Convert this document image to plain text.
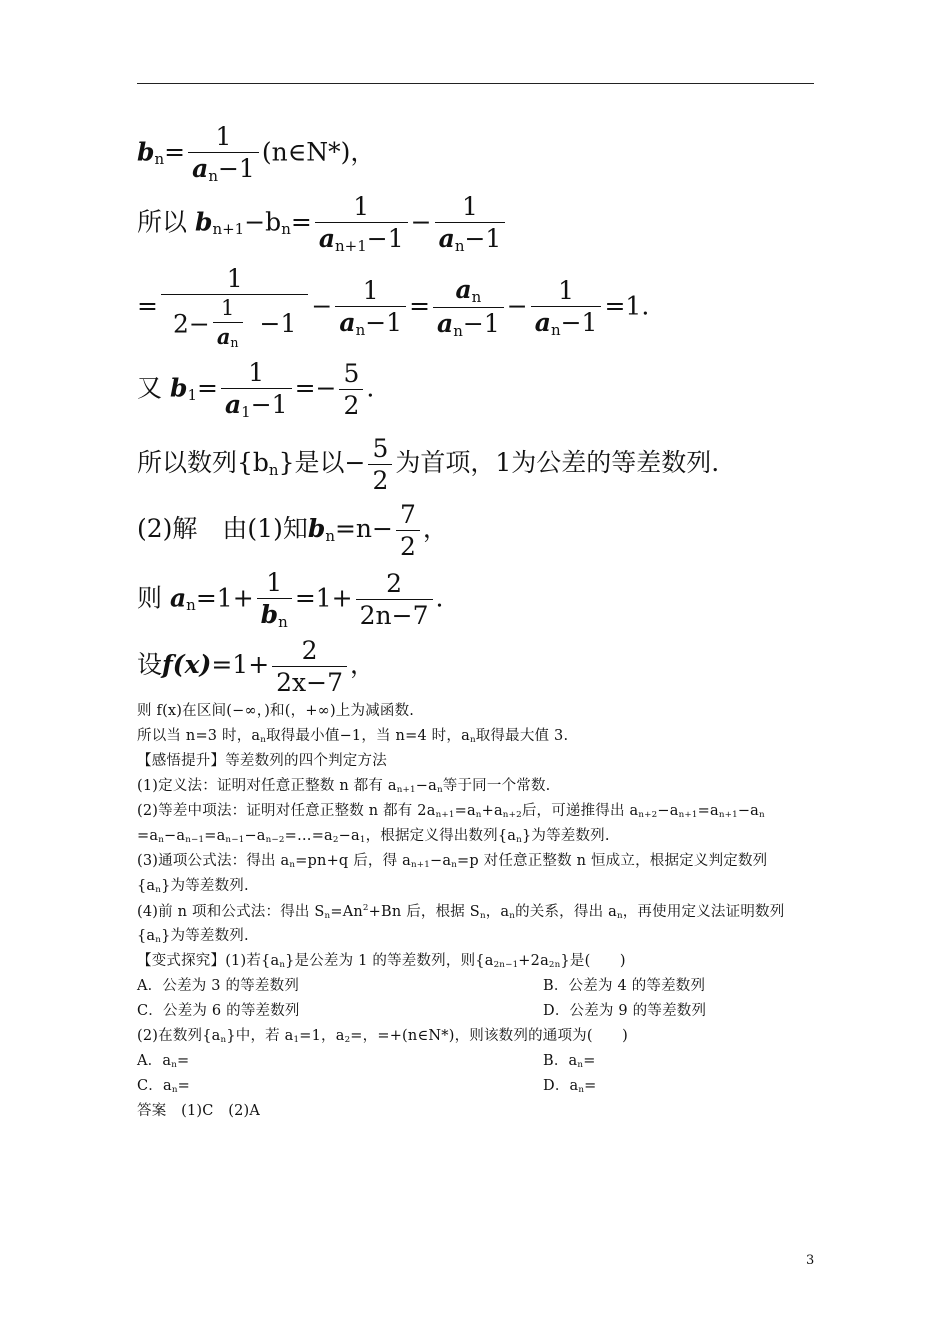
$b_n= \frac{1}{a_n-1}$ (n∈N*)，
所以 $b_{n+1}-b_n= \frac{1}{a_{n+1}-1} - \frac{1}{a_n-1}$
= $\frac{1}{2- \frac{1}{a_n} -1} - \frac{1}{a_n-1} = \frac{a_n}{a_n-1} - \frac{1}{a_n-1} =1$.
又 $b_1= \frac{1}{a_1-1} =- \frac{5}{2}$ .
所以数列$\{b_n\}$是以− $\frac{5}{2}$ 为首项，1为公差的等差数列.
(2)解　由(1)知$b_n=n- \frac{7}{2}$ ，
则 $a_n=1+ \frac{1}{b_n} =1+ \frac{2}{2n-7}$ .
设$f(x)=1+ \frac{2}{2x-7}$ ，
则 f(x)在区间(−∞，)和(，+∞)上为减函数.
所以当 n=3 时，$a_n$取得最小值−1，当 n=4 时，$a_n$取得最大值 3.
【感悟提升】等差数列的四个判定方法
(1)定义法：证明对任意正整数 n 都有 $a_{n+1}-a_n$等于同一个常数.
(2)等差中项法：证明对任意正整数 n 都有 $2a_{n+1}=a_n+a_{n+2}$后，可递推得出 $a_{n+2}-a_{n+1}=a_{n+1}-a_n$
$=a_n-a_{n-1}=a_{n-1}-a_{n-2}=\dots=a_2-a_1$，根据定义得出数列$\{a_n\}$为等差数列.
(3)通项公式法：得出 $a_n=pn+q$ 后，得 $a_{n+1}-a_n=p$ 对任意正整数 n 恒成立，根据定义判定数列
$\{a_n\}$为等差数列.
(4)前 n 项和公式法：得出 $S_n=An^2+Bn$ 后，根据 $S_n$，$a_n$的关系，得出 $a_n$，再使用定义法证明数列
$\{a_n\}$为等差数列.
【变式探究】(1)若$\{a_n\}$是公差为 1 的等差数列，则$\{a_{2n-1}+2a_{2n}\}$是(　　)
A．公差为 3 的等差数列	B．公差为 4 的等差数列
C．公差为 6 的等差数列	D．公差为 9 的等差数列
(2)在数列$\{a_n\}$中，若 $a_1=1$，$a_2=$，=+(n∈N*)，则该数列的通项为(　　)
A．$a_n=$	B．$a_n=$
C．$a_n=$	D．$a_n=$
答案　(1)C　(2)A
3
